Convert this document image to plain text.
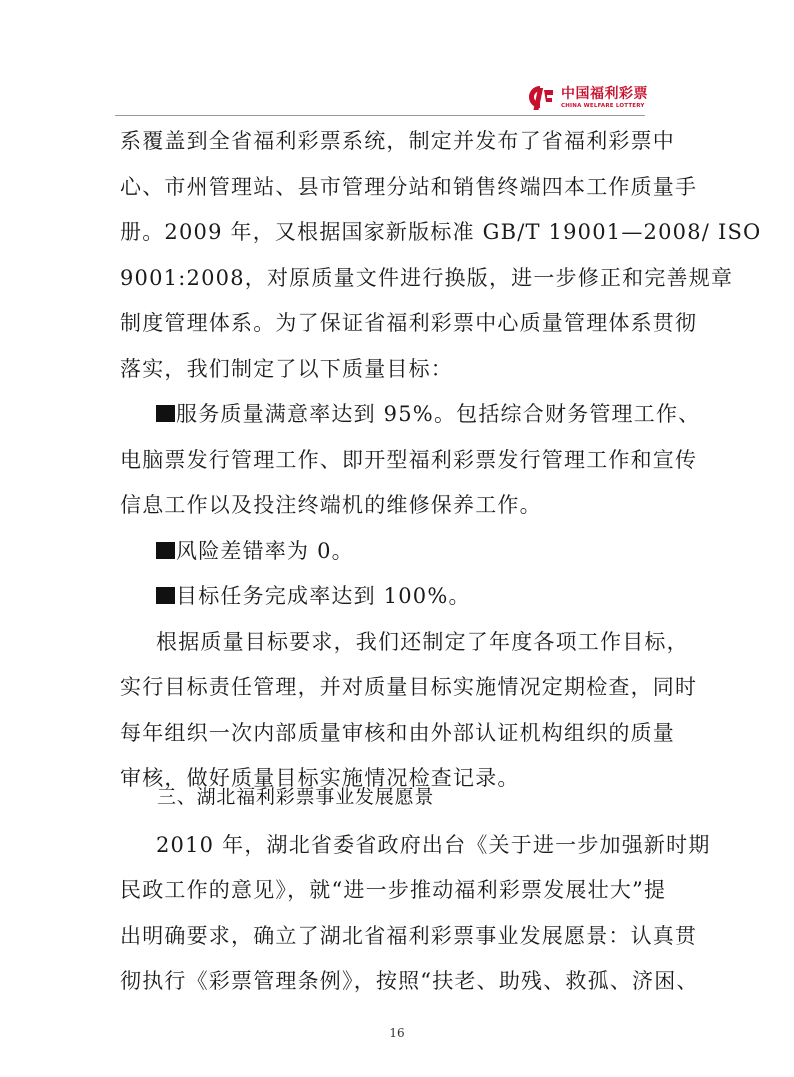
中国福利彩票
CHINA WELFARE LOTTERY
系覆盖到全省福利彩票系统，制定并发布了省福利彩票中
心、市州管理站、县市管理分站和销售终端四本工作质量手
册。2009 年，又根据国家新版标准 GB/T 19001—2008/ ISO
9001:2008，对原质量文件进行换版，进一步修正和完善规章
制度管理体系。为了保证省福利彩票中心质量管理体系贯彻
落实，我们制定了以下质量目标：
服务质量满意率达到 95%。包括综合财务管理工作、
电脑票发行管理工作、即开型福利彩票发行管理工作和宣传
信息工作以及投注终端机的维修保养工作。
风险差错率为 0。
目标任务完成率达到 100%。
根据质量目标要求，我们还制定了年度各项工作目标，
实行目标责任管理，并对质量目标实施情况定期检查，同时
每年组织一次内部质量审核和由外部认证机构组织的质量
审核，做好质量目标实施情况检查记录。
三、湖北福利彩票事业发展愿景
2010 年，湖北省委省政府出台《关于进一步加强新时期
民政工作的意见》，就“进一步推动福利彩票发展壮大”提
16
出明确要求，确立了湖北省福利彩票事业发展愿景：认真贯
彻执行《彩票管理条例》，按照“扶老、助残、救孤、济困、
